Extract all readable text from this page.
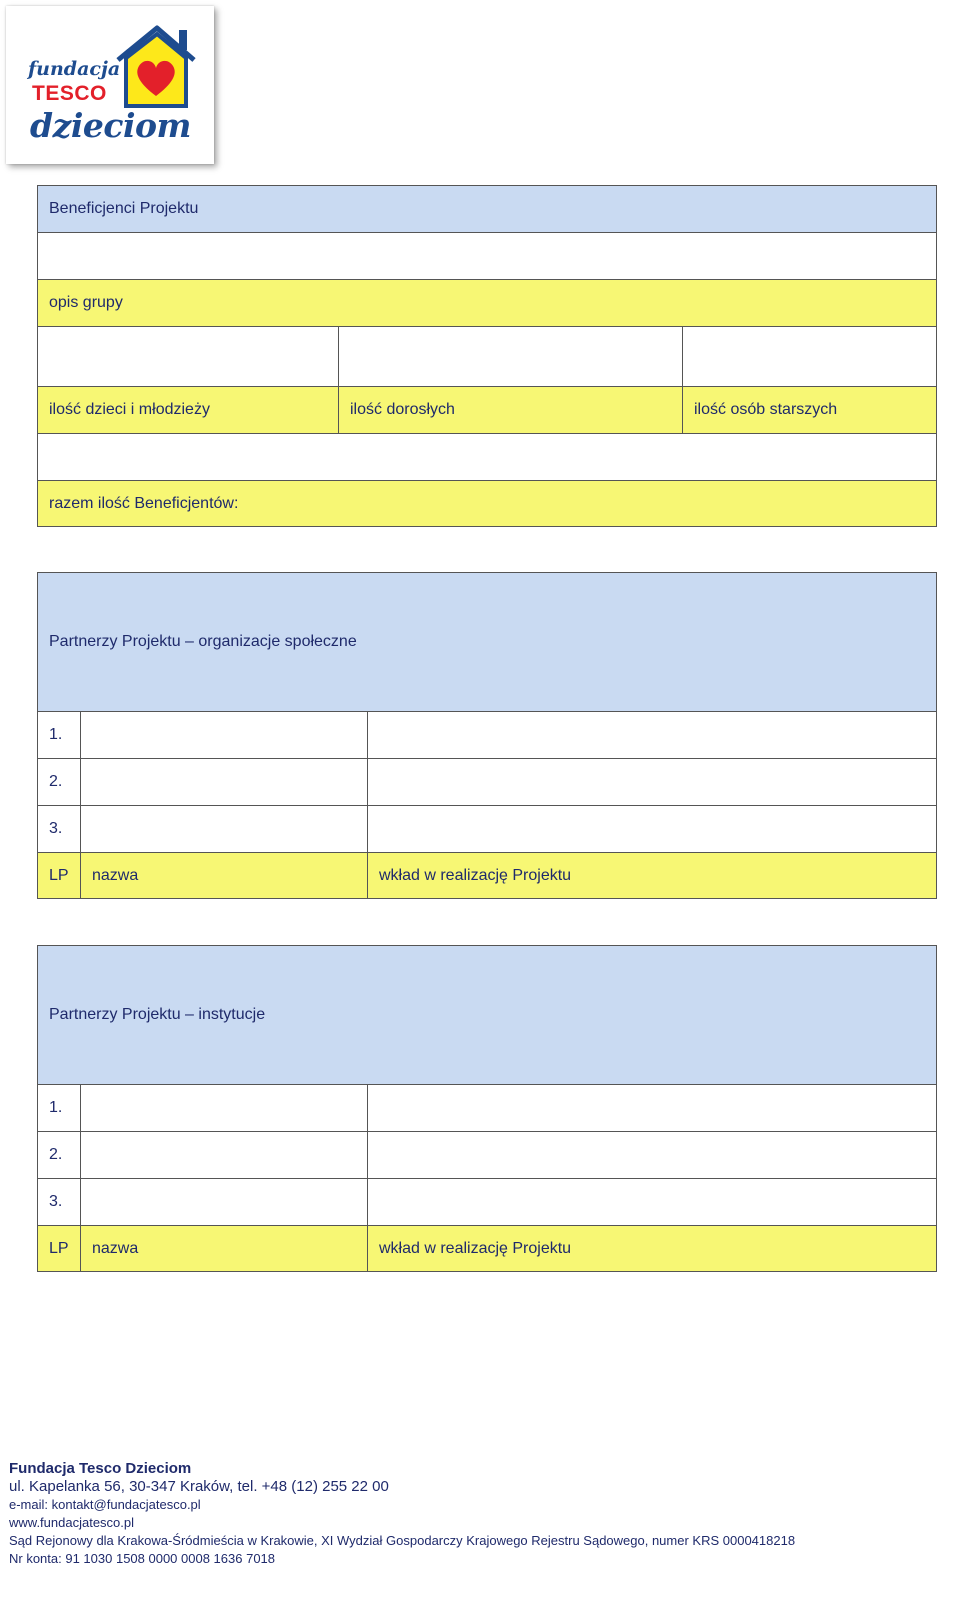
fundacja
TESCO
dzieciom
Beneficjenci Projektu
opis grupy
ilość dzieci i młodzieży	ilość dorosłych	ilość osób starszych
razem ilość Beneficjentów:
Partnerzy Projektu – organizacje społeczne
1.
2.
3.
LP	nazwa	wkład w realizację Projektu
Partnerzy Projektu – instytucje
1.
2.
3.
LP	nazwa	wkład w realizację Projektu
Fundacja Tesco Dzieciom
ul. Kapelanka 56, 30-347 Kraków, tel. +48 (12) 255 22 00
e-mail: kontakt@fundacjatesco.pl
www.fundacjatesco.pl
Sąd Rejonowy dla Krakowa-Śródmieścia w Krakowie, XI Wydział Gospodarczy Krajowego Rejestru Sądowego, numer KRS 0000418218
Nr konta: 91 1030 1508 0000 0008 1636 7018
